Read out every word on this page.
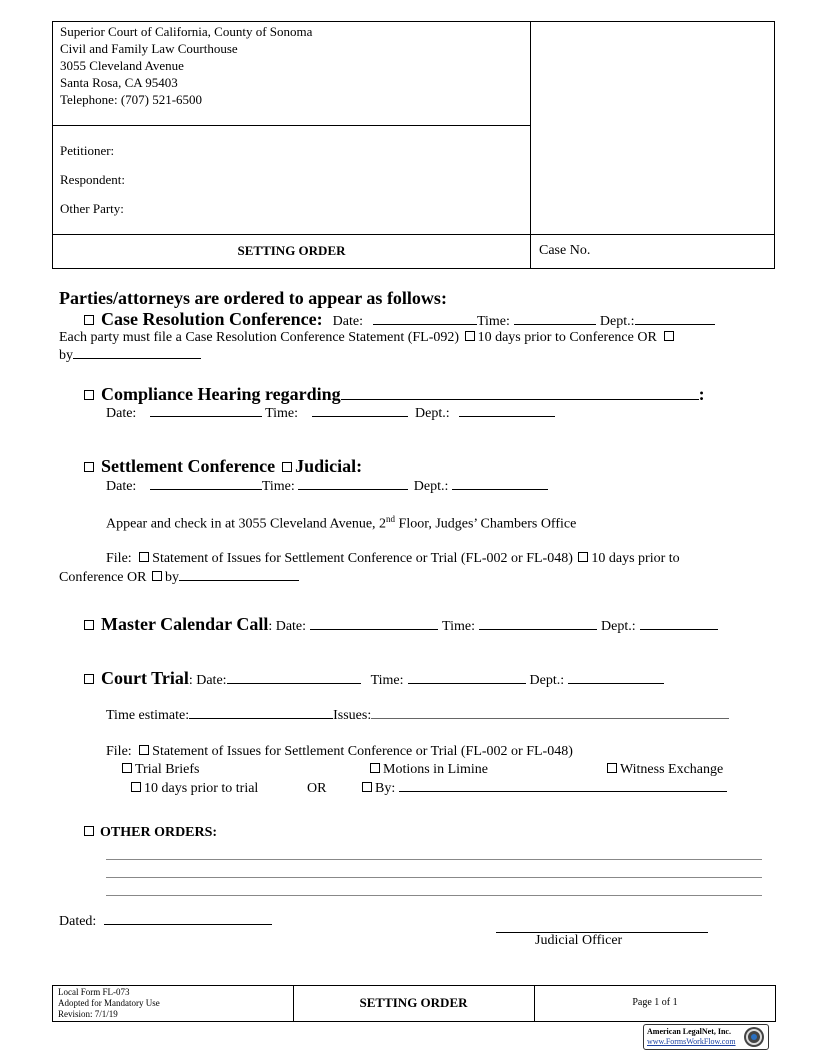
Superior Court of California, County of Sonoma
Civil and Family Law Courthouse
3055 Cleveland Avenue
Santa Rosa, CA 95403
Telephone: (707) 521-6500
Petitioner:
Respondent:
Other Party:
SETTING ORDER	Case No.
Parties/attorneys are ordered to appear as follows:
Case Resolution Conference: Date:	Time:	Dept.:
Each party must file a Case Resolution Conference Statement (FL-092) 10 days prior to Conference OR
by
Compliance Hearing regarding	:
Date:	Time:	Dept.:
Settlement Conference Judicial:
Date:	Time:	Dept.:
Appear and check in at 3055 Cleveland Avenue, 2nd Floor, Judges’ Chambers Office
File: Statement of Issues for Settlement Conference or Trial (FL-002 or FL-048) 10 days prior to
Conference OR by
Master Calendar Call: Date:	Time:	Dept.:
Court Trial: Date:	Time:	Dept.:
Time estimate:	Issues:
File: Statement of Issues for Settlement Conference or Trial (FL-002 or FL-048)
Trial Briefs	Motions in Limine	Witness Exchange
10 days prior to trial	OR	By:
OTHER ORDERS:
Dated:
Judicial Officer
Local Form FL-073
Adopted for Mandatory Use
Revision: 7/1/19
SETTING ORDER	Page 1 of 1
American LegalNet, Inc.
www.FormsWorkFlow.com
